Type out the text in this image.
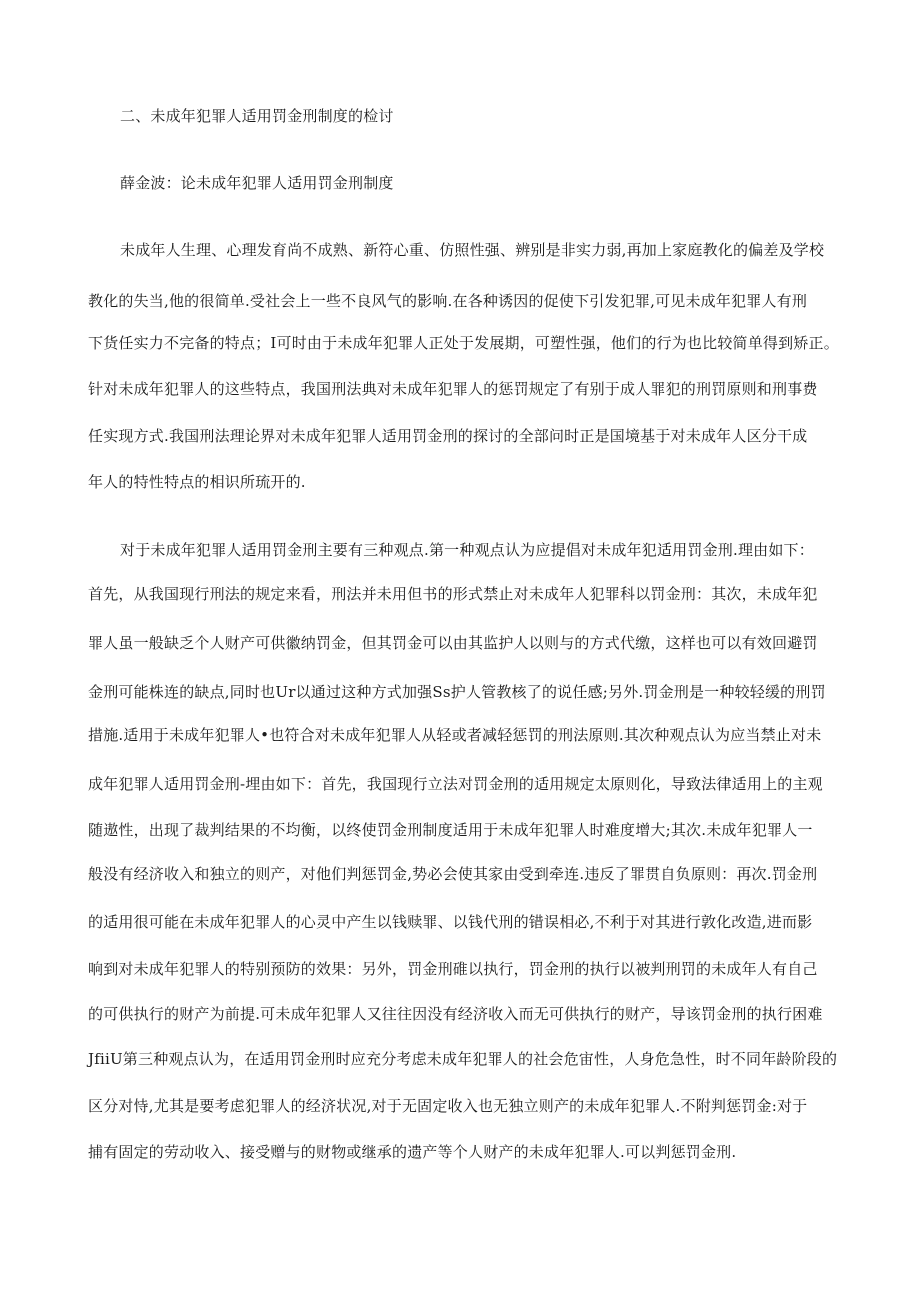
二、未成年犯罪人适用罚金刑制度的检讨
薛金波：论未成年犯罪人适用罚金刑制度
未成年人生理、心理发育尚不成熟、新符心重、仿照性强、辨别是非实力弱,再加上家庭教化的偏差及学校
教化的失当,他的很简单.受社会上一些不良风气的影响.在各种诱因的促使下引发犯罪,可见未成年犯罪人有刑
下货任实力不完备的特点；I可时由于未成年犯罪人正处于发展期，可塑性强，他们的行为也比较简单得到矫正。
针对未成年犯罪人的这些特点，我国刑法典对未成年犯罪人的惩罚规定了有别于成人罪犯的刑罚原则和刑事费
任实现方式.我国刑法理论界对未成年犯罪人适用罚金刑的探讨的全部问时正是国境基于对未成年人区分干成
年人的特性特点的相识所琉开的.
对于未成年犯罪人适用罚金刑主要有三种观点.第一种观点认为应提倡对未成年犯适用罚金刑.理由如下：
首先，从我国现行刑法的规定来看，刑法并未用但书的形式禁止对未成年人犯罪科以罚金刑：其次，未成年犯
罪人虽一般缺乏个人财产可供徽纳罚金，但其罚金可以由其监护人以则与的方式代缴，这样也可以有效回避罚
金刑可能株连的缺点,同时也Ur以通过这种方式加强Ss护人管教核了的说任感;另外.罚金刑是一种较轻缓的刑罚
措施.适用于未成年犯罪人•也符合对未成年犯罪人从轻或者减轻惩罚的刑法原则.其次种观点认为应当禁止对未
成年犯罪人适用罚金刑-埋由如下：首先，我国现行立法对罚金刑的适用规定太原则化，导致法律适用上的主观
随遨性，出现了裁判结果的不均衡，以终使罚金刑制度适用于未成年犯罪人时难度增大;其次.未成年犯罪人一
般没有经济收入和独立的则产，对他们判惩罚金,势必会使其家由受到牵连.违反了罪贯自负原则：再次.罚金刑
的适用很可能在未成年犯罪人的心灵中产生以钱赎罪、以钱代刑的错误相必,不利于对其进行敦化改造,进而影
响到对未成年犯罪人的特别预防的效果：另外，罚金刑碓以执行，罚金刑的执行以被判刑罚的未成年人有自己
的可供执行的财产为前提.可未成年犯罪人又往往因没有经济收入而无可供执行的财产，导该罚金刑的执行困难
JfiiU第三种观点认为，在适用罚金刑时应充分考虑未成年犯罪人的社会危宙性，人身危急性，时不同年龄阶段的
区分对恃,尤其是要考虑犯罪人的经济状况,对于无固定收入也无独立则产的未成年犯罪人.不附判惩罚金:对于
捕有固定的劳动收入、接受赠与的财物或继承的遗产等个人财产的未成年犯罪人.可以判惩罚金刑.
